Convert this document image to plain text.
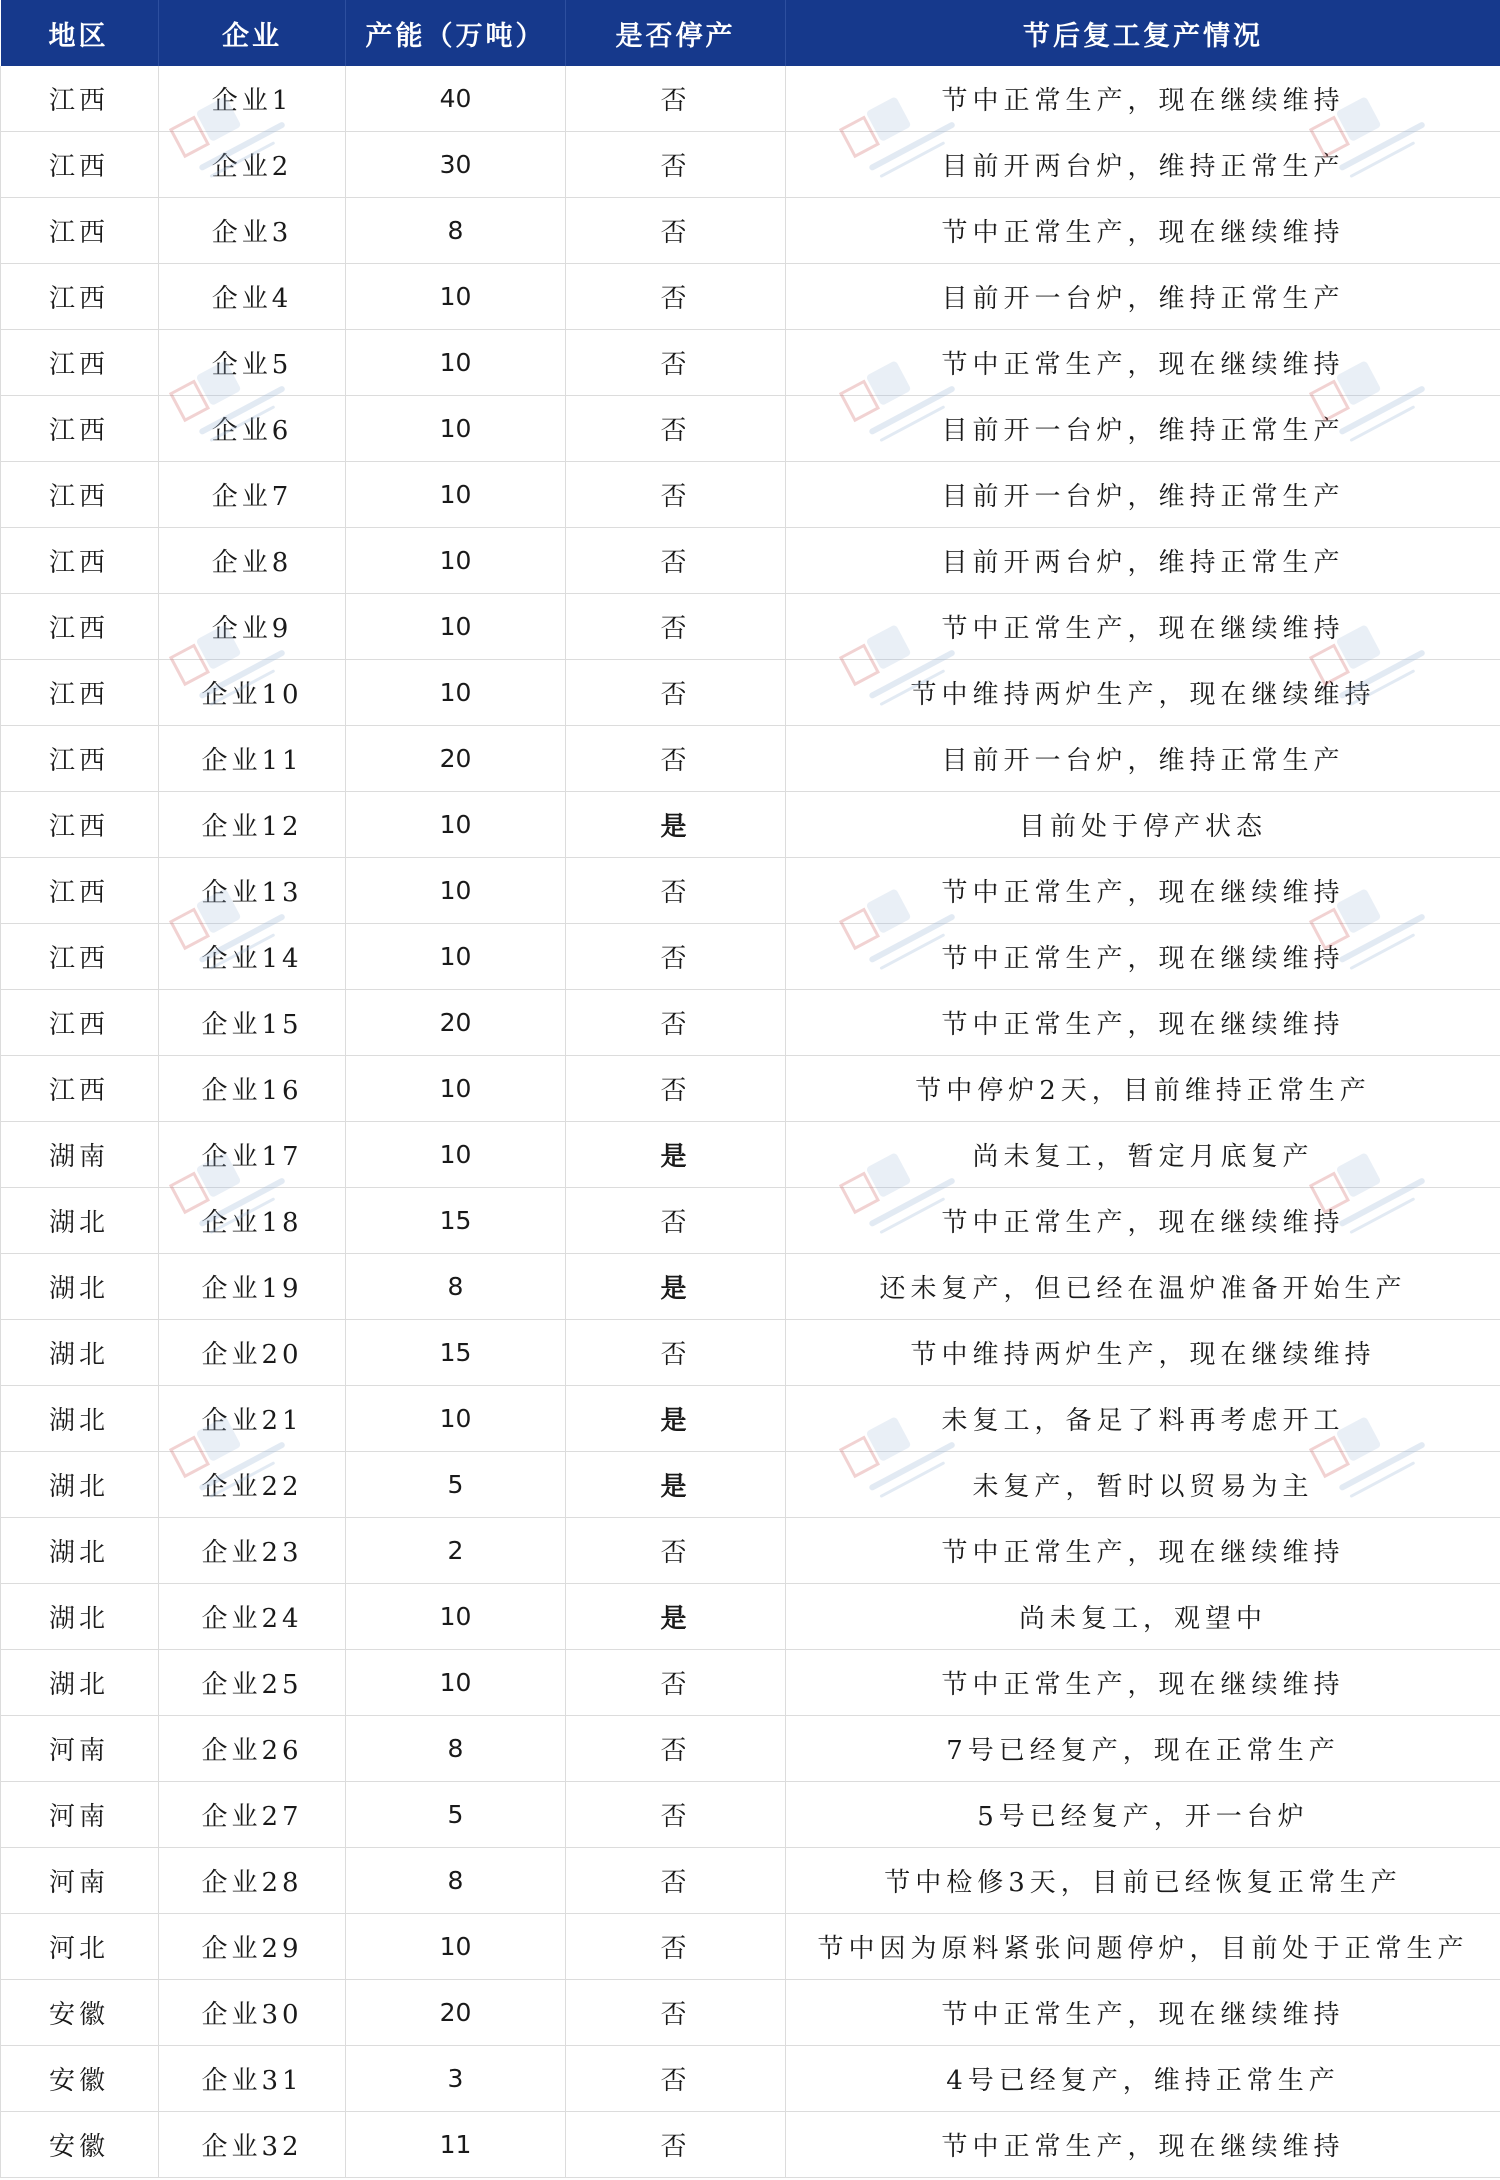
地区	企业	产能（万吨）	是否停产	节后复工复产情况
江西	企业1	40	否	节中正常生产，现在继续维持
江西	企业2	30	否	目前开两台炉，维持正常生产
江西	企业3	8	否	节中正常生产，现在继续维持
江西	企业4	10	否	目前开一台炉，维持正常生产
江西	企业5	10	否	节中正常生产，现在继续维持
江西	企业6	10	否	目前开一台炉，维持正常生产
江西	企业7	10	否	目前开一台炉，维持正常生产
江西	企业8	10	否	目前开两台炉，维持正常生产
江西	企业9	10	否	节中正常生产，现在继续维持
江西	企业10	10	否	节中维持两炉生产，现在继续维持
江西	企业11	20	否	目前开一台炉，维持正常生产
江西	企业12	10	是	目前处于停产状态
江西	企业13	10	否	节中正常生产，现在继续维持
江西	企业14	10	否	节中正常生产，现在继续维持
江西	企业15	20	否	节中正常生产，现在继续维持
江西	企业16	10	否	节中停炉2天，目前维持正常生产
湖南	企业17	10	是	尚未复工，暂定月底复产
湖北	企业18	15	否	节中正常生产，现在继续维持
湖北	企业19	8	是	还未复产，但已经在温炉准备开始生产
湖北	企业20	15	否	节中维持两炉生产，现在继续维持
湖北	企业21	10	是	未复工，备足了料再考虑开工
湖北	企业22	5	是	未复产，暂时以贸易为主
湖北	企业23	2	否	节中正常生产，现在继续维持
湖北	企业24	10	是	尚未复工，观望中
湖北	企业25	10	否	节中正常生产，现在继续维持
河南	企业26	8	否	7号已经复产，现在正常生产
河南	企业27	5	否	5号已经复产，开一台炉
河南	企业28	8	否	节中检修3天，目前已经恢复正常生产
河北	企业29	10	否	节中因为原料紧张问题停炉，目前处于正常生产
安徽	企业30	20	否	节中正常生产，现在继续维持
安徽	企业31	3	否	4号已经复产，维持正常生产
安徽	企业32	11	否	节中正常生产，现在继续维持
